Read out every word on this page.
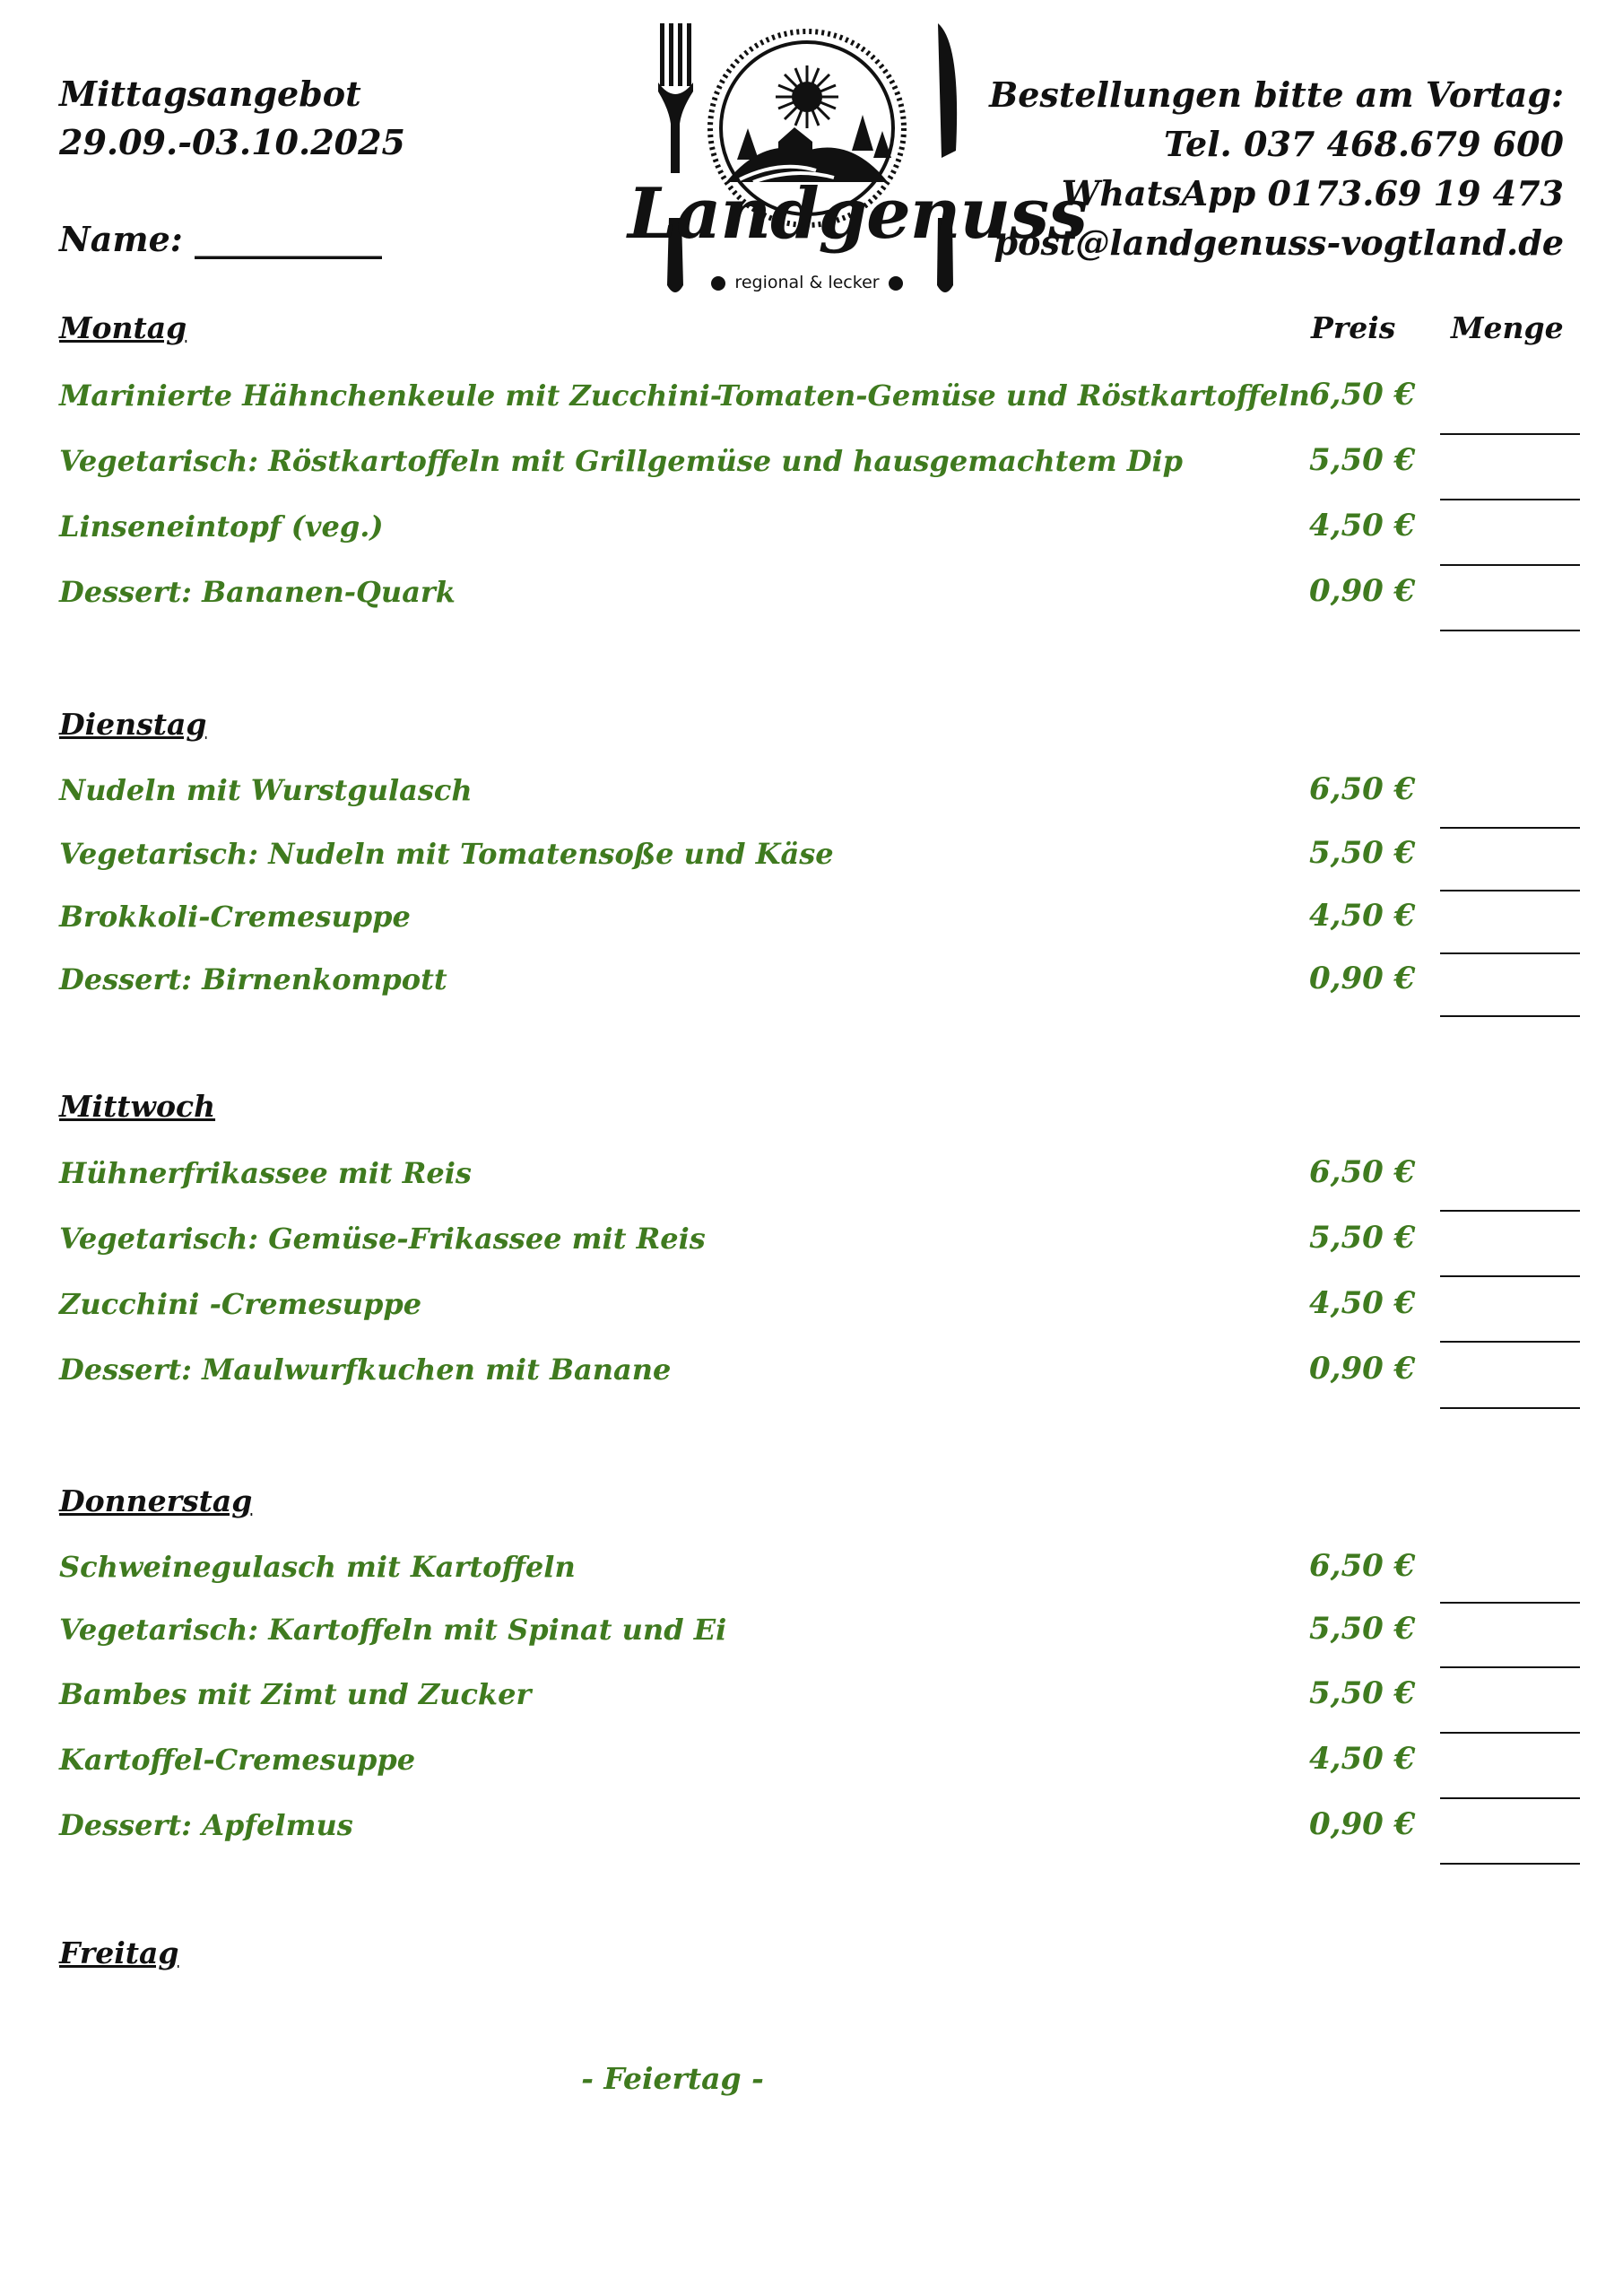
Mittagsangebot
29.09.-03.10.2025
Name: ___________	Landgenuss
regional & lecker
Bestellungen bitte am Vortag:
Tel. 037 468.679 600
WhatsApp 0173.69 19 473
post@landgenuss-vogtland.de
Preis Menge
Montag
Marinierte Hähnchenkeule mit Zucchini-Tomaten-Gemüse und Röstkartoffeln 6,50 €
Vegetarisch: Röstkartoffeln mit Grillgemüse und hausgemachtem Dip	5,50 €
Linseneintopf (veg.)	4,50 €
Dessert: Bananen-Quark	0,90 €
Dienstag
Nudeln mit Wurstgulasch	6,50 €
Vegetarisch: Nudeln mit Tomatensoße und Käse	5,50 €
Brokkoli-Cremesuppe	4,50 €
Dessert: Birnenkompott	0,90 €
Mittwoch
Hühnerfrikassee mit Reis	6,50 €
Vegetarisch: Gemüse-Frikassee mit Reis	5,50 €
Zucchini -Cremesuppe	4,50 €
Dessert: Maulwurfkuchen mit Banane	0,90 €
Donnerstag
Schweinegulasch mit Kartoffeln	6,50 €
Vegetarisch: Kartoffeln mit Spinat und Ei	5,50 €
Bambes mit Zimt und Zucker	5,50 €
Kartoffel-Cremesuppe	4,50 €
Dessert: Apfelmus	0,90 €
Freitag
- Feiertag -
